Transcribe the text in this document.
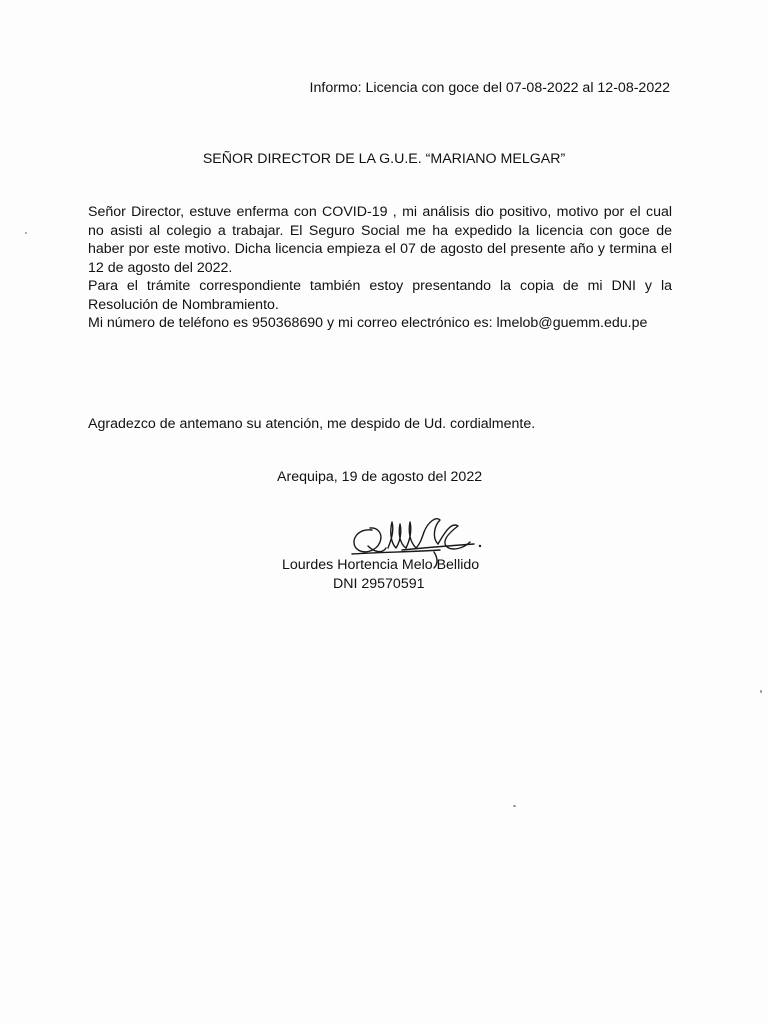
Informo: Licencia con goce del 07-08-2022 al 12-08-2022
SEÑOR DIRECTOR DE LA G.U.E. “MARIANO MELGAR”

Señor Director, estuve enferma con COVID-19 , mi análisis dio positivo, motivo por el cual no asisti al colegio a trabajar. El Seguro Social me ha expedido la licencia con goce de haber por este motivo. Dicha licencia empieza el 07 de agosto del presente año y termina el 12 de agosto del 2022.

Para el trámite correspondiente también estoy presentando la copia de mi DNI y la Resolución de Nombramiento.

Mi número de teléfono es 950368690 y mi correo electrónico es: lmelob@guemm.edu.pe

Agradezco de antemano su atención, me despido de Ud. cordialmente.
Arequipa, 19 de agosto del 2022
Lourdes Hortencia Melo Bellido
DNI 29570591
